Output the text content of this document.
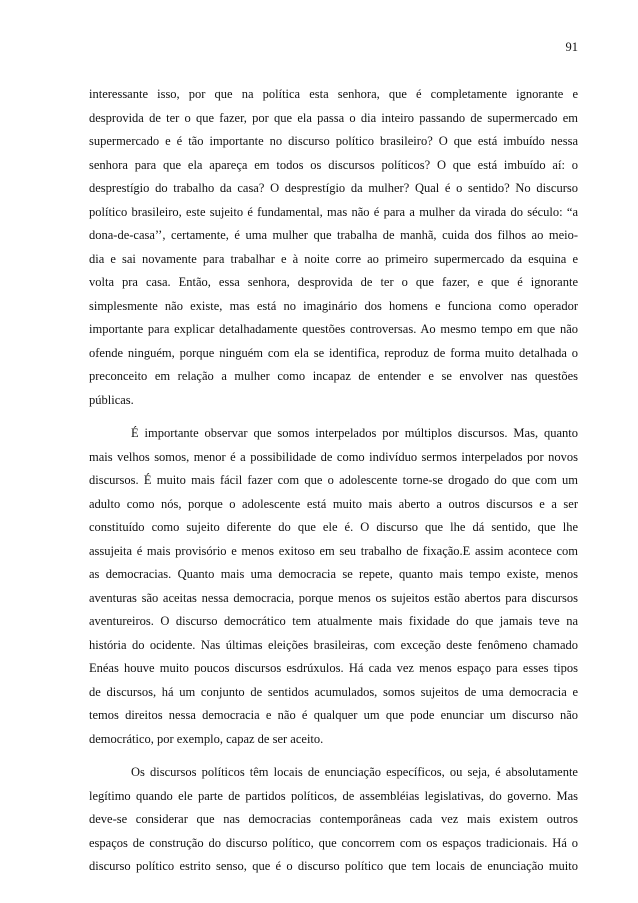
91
interessante isso, por que na política esta senhora, que é completamente ignorante e
desprovida de ter o que fazer, por que ela passa o dia inteiro passando de supermercado em
supermercado e é tão importante no discurso político brasileiro? O que está imbuído nessa
senhora para que ela apareça em todos os discursos políticos? O que está imbuído aí: o
desprestígio do trabalho da casa? O desprestígio da mulher? Qual é o sentido? No discurso
político brasileiro, este sujeito é fundamental, mas não é para a mulher da virada do século: “a
dona-de-casa’’, certamente, é uma mulher que trabalha de manhã, cuida dos filhos ao meio-
dia e sai novamente para trabalhar e à noite corre ao primeiro supermercado da esquina e
volta pra casa. Então, essa senhora, desprovida de ter o que fazer, e que é ignorante
simplesmente não existe, mas está no imaginário dos homens e funciona como operador
importante para explicar detalhadamente questões controversas. Ao mesmo tempo em que não
ofende ninguém, porque ninguém com ela se identifica, reproduz de forma muito detalhada o
preconceito em relação a mulher como incapaz de entender e se envolver nas questões
públicas.
É importante observar que somos interpelados por múltiplos discursos. Mas, quanto
mais velhos somos, menor é a possibilidade de como indivíduo sermos interpelados por novos
discursos. É muito mais fácil fazer com que o adolescente torne-se drogado do que com um
adulto como nós, porque o adolescente está muito mais aberto a outros discursos e a ser
constituído como sujeito diferente do que ele é. O discurso que lhe dá sentido, que lhe
assujeita é mais provisório e menos exitoso em seu trabalho de fixação.E assim acontece com
as democracias. Quanto mais uma democracia se repete, quanto mais tempo existe, menos
aventuras são aceitas nessa democracia, porque menos os sujeitos estão abertos para discursos
aventureiros. O discurso democrático tem atualmente mais fixidade do que jamais teve na
história do ocidente. Nas últimas eleições brasileiras, com exceção deste fenômeno chamado
Enéas houve muito poucos discursos esdrúxulos. Há cada vez menos espaço para esses tipos
de discursos, há um conjunto de sentidos acumulados, somos sujeitos de uma democracia e
temos direitos nessa democracia e não é qualquer um que pode enunciar um discurso não
democrático, por exemplo, capaz de ser aceito.
Os discursos políticos têm locais de enunciação específicos, ou seja, é absolutamente
legítimo quando ele parte de partidos políticos, de assembléias legislativas, do governo. Mas
deve-se considerar que nas democracias contemporâneas cada vez mais existem outros
espaços de construção do discurso político, que concorrem com os espaços tradicionais. Há o
discurso político estrito senso, que é o discurso político que tem locais de enunciação muito
